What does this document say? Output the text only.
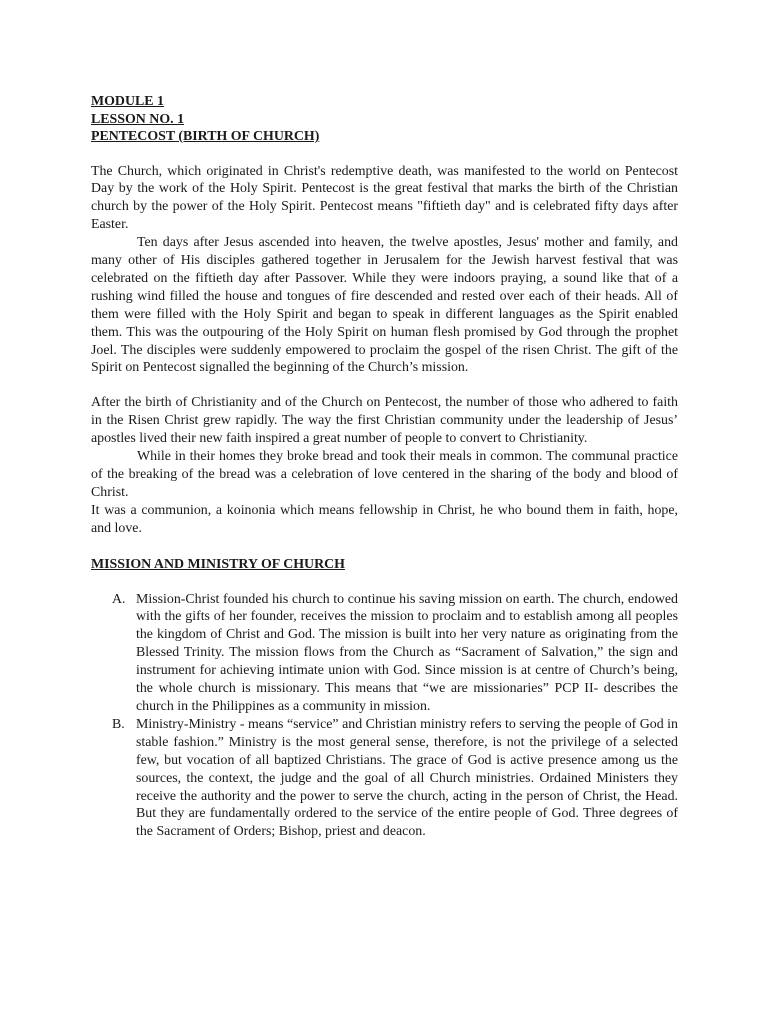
MODULE 1
LESSON NO. 1
PENTECOST (BIRTH OF CHURCH)

The Church, which originated in Christ's redemptive death, was manifested to the world on Pentecost Day by the work of the Holy Spirit. Pentecost is the great festival that marks the birth of the Christian church by the power of the Holy Spirit. Pentecost means "fiftieth day" and is celebrated fifty days after Easter.

Ten days after Jesus ascended into heaven, the twelve apostles, Jesus' mother and family, and many other of His disciples gathered together in Jerusalem for the Jewish harvest festival that was celebrated on the fiftieth day after Passover. While they were indoors praying, a sound like that of a rushing wind filled the house and tongues of fire descended and rested over each of their heads. All of them were filled with the Holy Spirit and began to speak in different languages as the Spirit enabled them. This was the outpouring of the Holy Spirit on human flesh promised by God through the prophet Joel. The disciples were suddenly empowered to proclaim the gospel of the risen Christ. The gift of the Spirit on Pentecost signalled the beginning of the Church’s mission.

After the birth of Christianity and of the Church on Pentecost, the number of those who adhered to faith in the Risen Christ grew rapidly. The way the first Christian community under the leadership of Jesus’ apostles lived their new faith inspired a great number of people to convert to Christianity.

While in their homes they broke bread and took their meals in common. The communal practice of the breaking of the bread was a celebration of love centered in the sharing of the body and blood of Christ.

It was a communion, a koinonia which means fellowship in Christ, he who bound them in faith, hope, and love.

MISSION AND MINISTRY OF CHURCH
A. Mission-Christ founded his church to continue his saving mission on earth. The church, endowed with the gifts of her founder, receives the mission to proclaim and to establish among all peoples the kingdom of Christ and God. The mission is built into her very nature as originating from the Blessed Trinity. The mission flows from the Church as “Sacrament of Salvation,” the sign and instrument for achieving intimate union with God. Since mission is at centre of Church’s being, the whole church is missionary. This means that “we are missionaries” PCP II- describes the church in the Philippines as a community in mission.

B. Ministry-Ministry - means “service” and Christian ministry refers to serving the people of God in stable fashion.” Ministry is the most general sense, therefore, is not the privilege of a selected few, but vocation of all baptized Christians. The grace of God is active presence among us the sources, the context, the judge and the goal of all Church ministries. Ordained Ministers they receive the authority and the power to serve the church, acting in the person of Christ, the Head. But they are fundamentally ordered to the service of the entire people of God. Three degrees of the Sacrament of Orders; Bishop, priest and deacon.
